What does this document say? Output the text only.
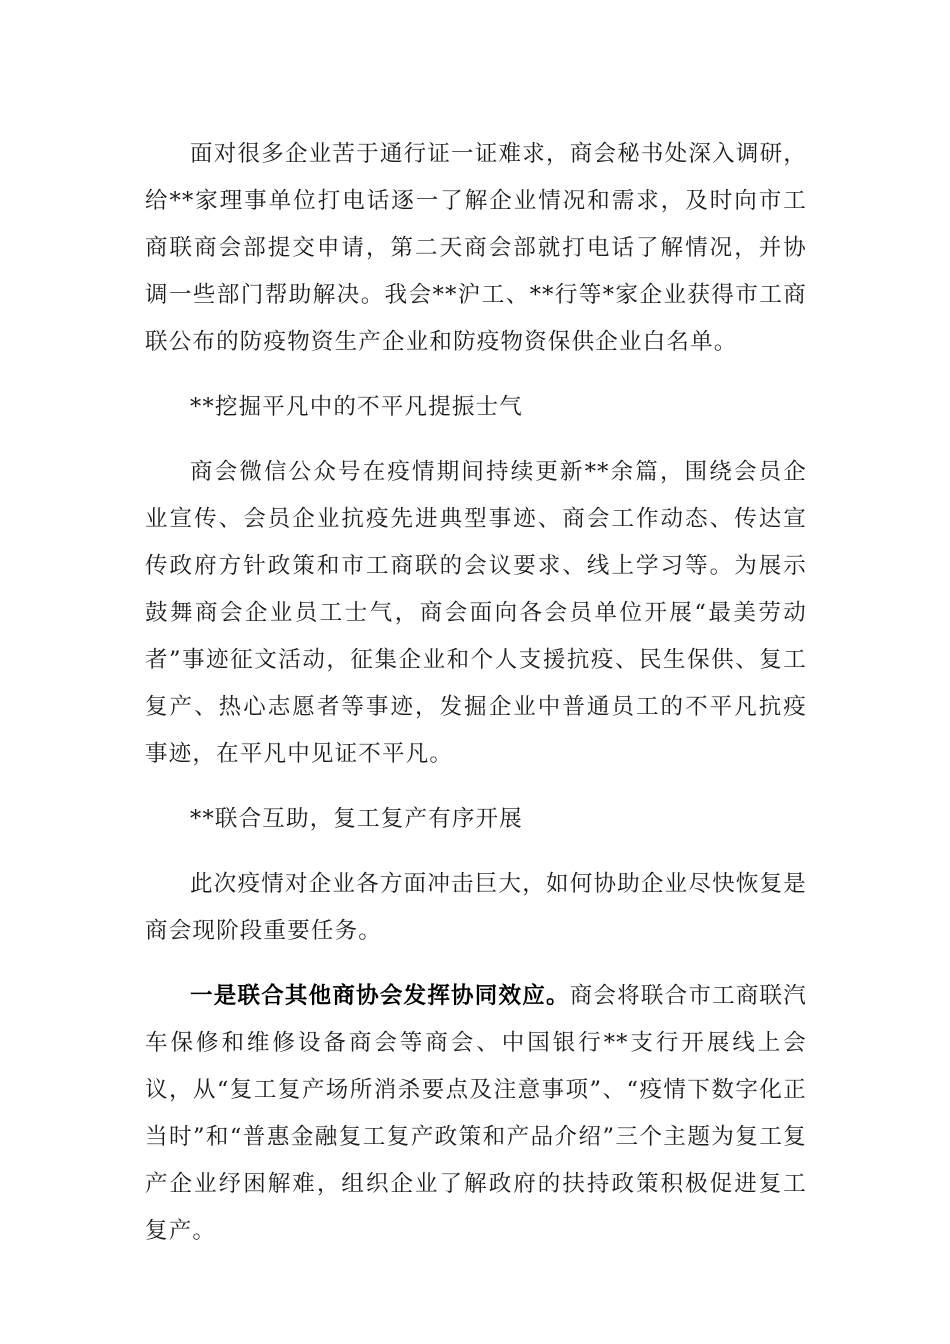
面对很多企业苦于通行证一证难求，商会秘书处深入调研，给**家理事单位打电话逐一了解企业情况和需求，及时向市工商联商会部提交申请，第二天商会部就打电话了解情况，并协调一些部门帮助解决。我会**沪工、**行等*家企业获得市工商联公布的防疫物资生产企业和防疫物资保供企业白名单。

**挖掘平凡中的不平凡提振士气

商会微信公众号在疫情期间持续更新**余篇，围绕会员企业宣传、会员企业抗疫先进典型事迹、商会工作动态、传达宣传政府方针政策和市工商联的会议要求、线上学习等。为展示鼓舞商会企业员工士气，商会面向各会员单位开展“最美劳动者”事迹征文活动，征集企业和个人支援抗疫、民生保供、复工复产、热心志愿者等事迹，发掘企业中普通员工的不平凡抗疫事迹，在平凡中见证不平凡。

**联合互助，复工复产有序开展

此次疫情对企业各方面冲击巨大，如何协助企业尽快恢复是商会现阶段重要任务。

一是联合其他商协会发挥协同效应。商会将联合市工商联汽车保修和维修设备商会等商会、中国银行**支行开展线上会议，从“复工复产场所消杀要点及注意事项”、“疫情下数字化正当时”和“普惠金融复工复产政策和产品介绍”三个主题为复工复产企业纾困解难，组织企业了解政府的扶持政策积极促进复工复产。
